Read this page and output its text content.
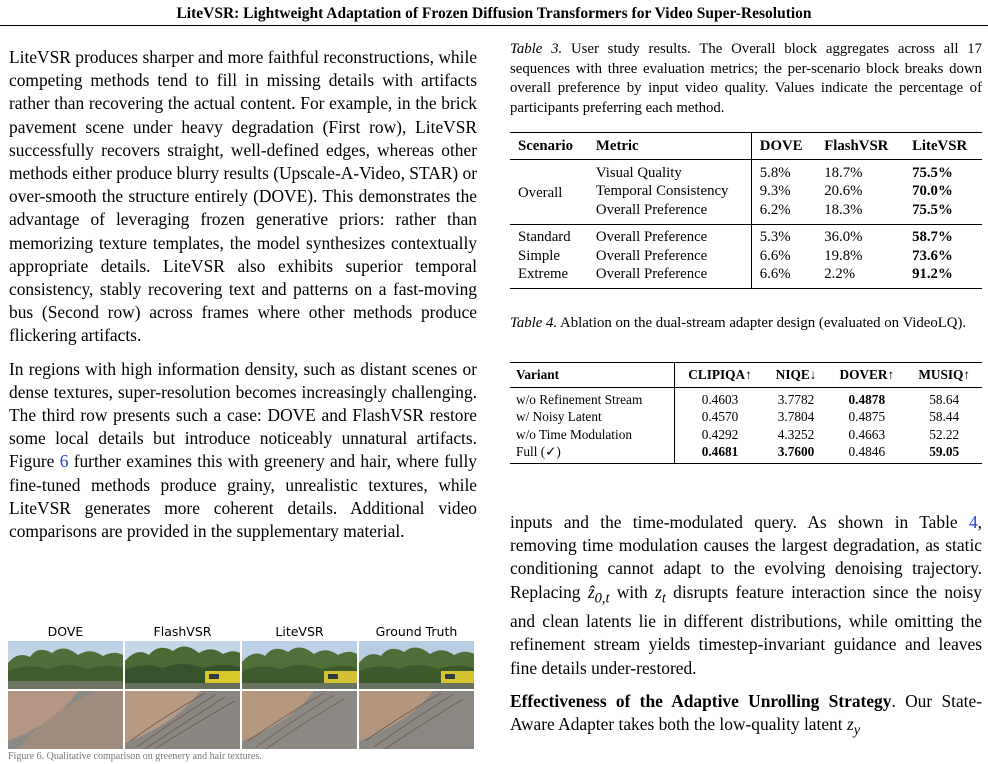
LiteVSR: Lightweight Adaptation of Frozen Diffusion Transformers for Video Super-Resolution

LiteVSR produces sharper and more faithful reconstructions, while competing methods tend to fill in missing details with artifacts rather than recovering the actual content. For example, in the brick pavement scene under heavy degradation (First row), LiteVSR successfully recovers straight, well-defined edges, whereas other methods either produce blurry results (Upscale-A-Video, STAR) or over-smooth the structure entirely (DOVE). This demonstrates the advantage of leveraging frozen generative priors: rather than memorizing texture templates, the model synthesizes contextually appropriate details. LiteVSR also exhibits superior temporal consistency, stably recovering text and patterns on a fast-moving bus (Second row) across frames where other methods produce flickering artifacts.

In regions with high information density, such as distant scenes or dense textures, super-resolution becomes increasingly challenging. The third row presents such a case: DOVE and FlashVSR restore some local details but introduce noticeably unnatural artifacts. Figure 6 further examines this with greenery and hair, where fully fine-tuned methods produce grainy, unrealistic textures, while LiteVSR generates more coherent details. Additional video comparisons are provided in the supplementary material.

DOVE	FlashVSR	LiteVSR	Ground Truth
Figure 6. Qualitative comparison on greenery and hair textures.

Table 3. User study results. The Overall block aggregates across all 17 sequences with three evaluation metrics; the per-scenario block breaks down overall preference by input video quality. Values indicate the percentage of participants preferring each method.

Scenario	Metric	DOVE	FlashVSR	LiteVSR
Overall	Visual Quality	5.8%	18.7%	75.5%
	Temporal Consistency	9.3%	20.6%	70.0%
	Overall Preference	6.2%	18.3%	75.5%
Standard	Overall Preference	5.3%	36.0%	58.7%
Simple	Overall Preference	6.6%	19.8%	73.6%
Extreme	Overall Preference	6.6%	2.2%	91.2%

Table 4. Ablation on the dual-stream adapter design (evaluated on VideoLQ).

Variant	CLIPIQA↑	NIQE↓	DOVER↑	MUSIQ↑
w/o Refinement Stream	0.4603	3.7782	0.4878	58.64
w/ Noisy Latent	0.4570	3.7804	0.4875	58.44
w/o Time Modulation	0.4292	4.3252	0.4663	52.22
Full (✓)	0.4681	3.7600	0.4846	59.05

inputs and the time-modulated query. As shown in Table 4, removing time modulation causes the largest degradation, as static conditioning cannot adapt to the evolving denoising trajectory. Replacing ẑ$_{0,t}$ with $z_t$ disrupts feature interaction since the noisy and clean latents lie in different distributions, while omitting the refinement stream yields timestep-invariant guidance and leaves fine details under-restored.

Effectiveness of the Adaptive Unrolling Strategy. Our State-Aware Adapter takes both the low-quality latent $z_y$
